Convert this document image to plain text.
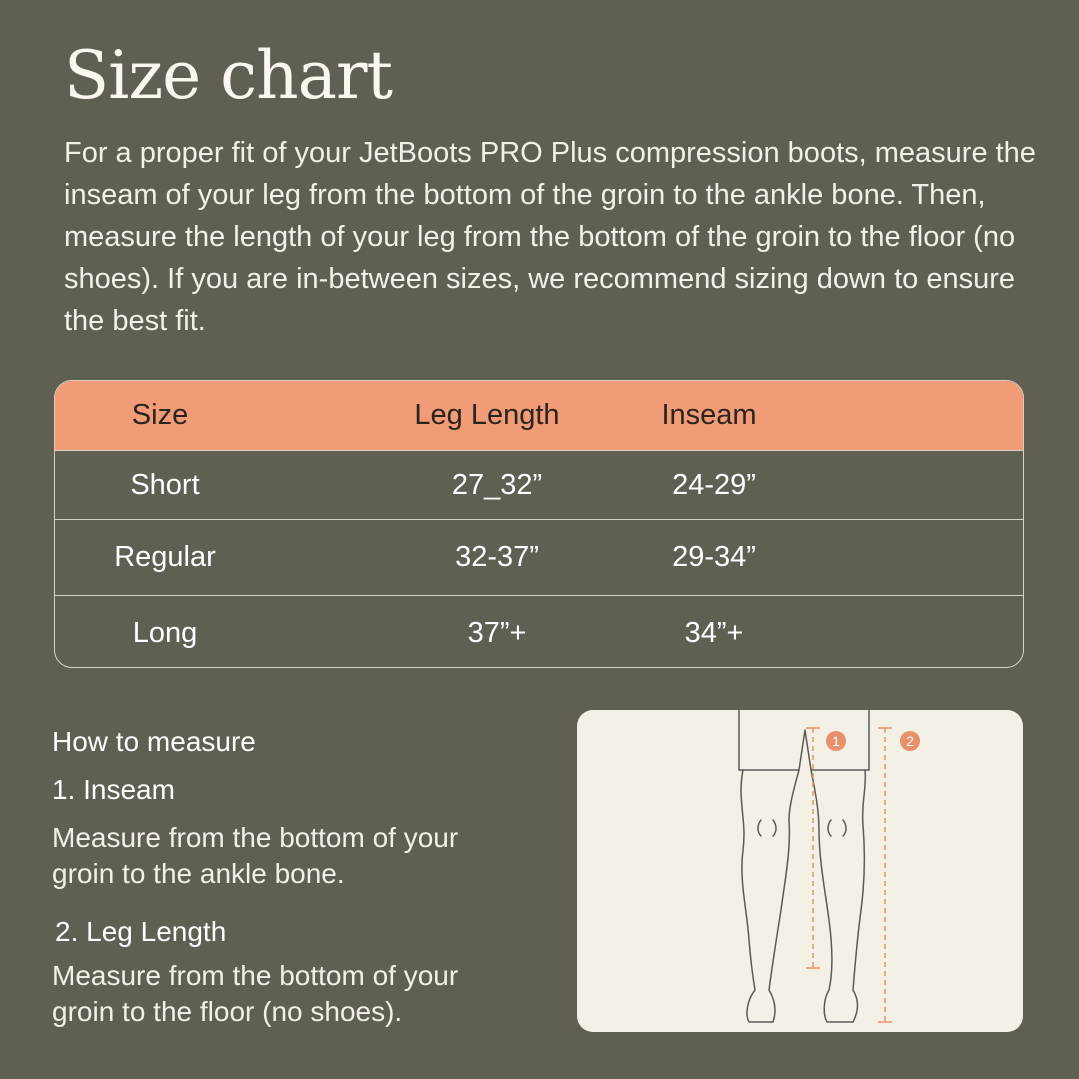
Size chart

For a proper fit of your JetBoots PRO Plus compression boots, measure the inseam of your leg from the bottom of the groin to the ankle bone. Then, measure the length of your leg from the bottom of the groin to the floor (no shoes). If you are in-between sizes, we recommend sizing down to ensure the best fit.

Size	Leg Length	Inseam
Short	27_32”	24-29”
Regular	32-37”	29-34”
Long	37”+	34”+
How to measure
1. Inseam

Measure from the bottom of your groin to the ankle bone.

2. Leg Length

Measure from the bottom of your groin to the floor (no shoes).

1	2
